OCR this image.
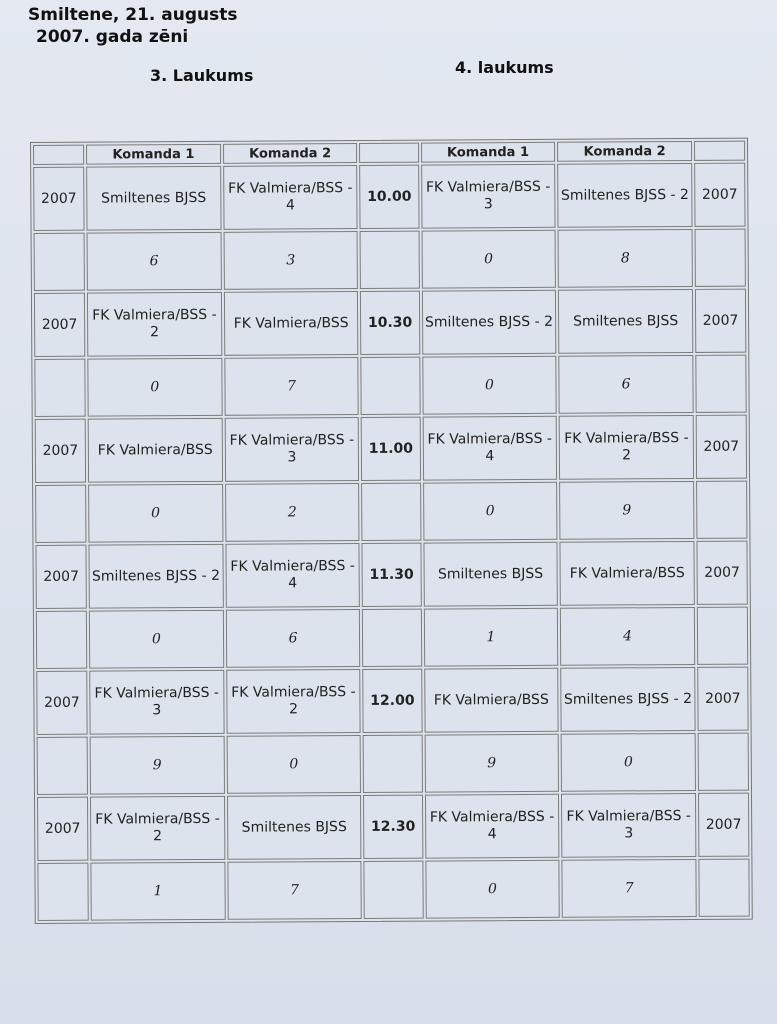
Smiltene, 21. augusts
2007. gada zēni
3. Laukums	4. laukums
	Komanda 1	Komanda 2		Komanda 1	Komanda 2	
2007	Smiltenes BJSS	FK Valmiera/BSS - 4	10.00	FK Valmiera/BSS - 3	Smiltenes BJSS - 2	2007
	6	3		0	8	
2007	FK Valmiera/BSS - 2	FK Valmiera/BSS	10.30	Smiltenes BJSS - 2	Smiltenes BJSS	2007
	0	7		0	6	
2007	FK Valmiera/BSS	FK Valmiera/BSS - 3	11.00	FK Valmiera/BSS - 4	FK Valmiera/BSS - 2	2007
	0	2		0	9	
2007	Smiltenes BJSS - 2	FK Valmiera/BSS - 4	11.30	Smiltenes BJSS	FK Valmiera/BSS	2007
	0	6		1	4	
2007	FK Valmiera/BSS - 3	FK Valmiera/BSS - 2	12.00	FK Valmiera/BSS	Smiltenes BJSS - 2	2007
	9	0		9	0	
2007	FK Valmiera/BSS - 2	Smiltenes BJSS	12.30	FK Valmiera/BSS - 4	FK Valmiera/BSS - 3	2007
	1	7		0	7	
